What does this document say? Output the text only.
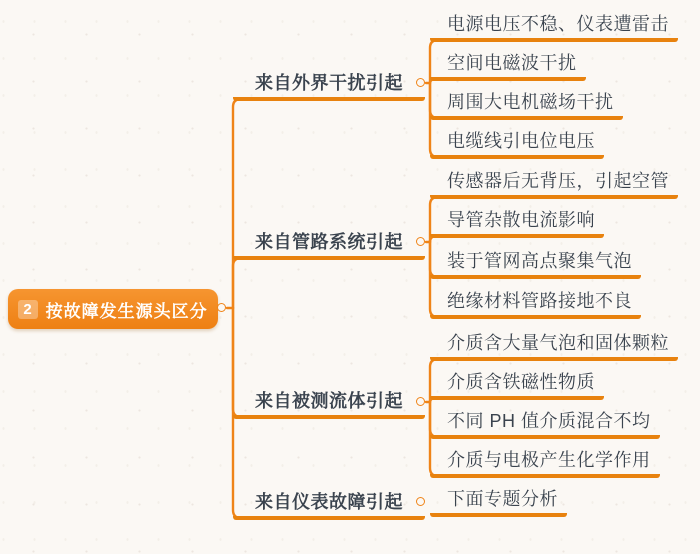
2 按故障发生源头区分
来自外界干扰引起
来自管路系统引起
来自被测流体引起
来自仪表故障引起
电源电压不稳、仪表遭雷击
空间电磁波干扰
周围大电机磁场干扰
电缆线引电位电压
传感器后无背压，引起空管
导管杂散电流影响
装于管网高点聚集气泡
绝缘材料管路接地不良
介质含大量气泡和固体颗粒
介质含铁磁性物质
不同 PH 值介质混合不均
介质与电极产生化学作用
下面专题分析
